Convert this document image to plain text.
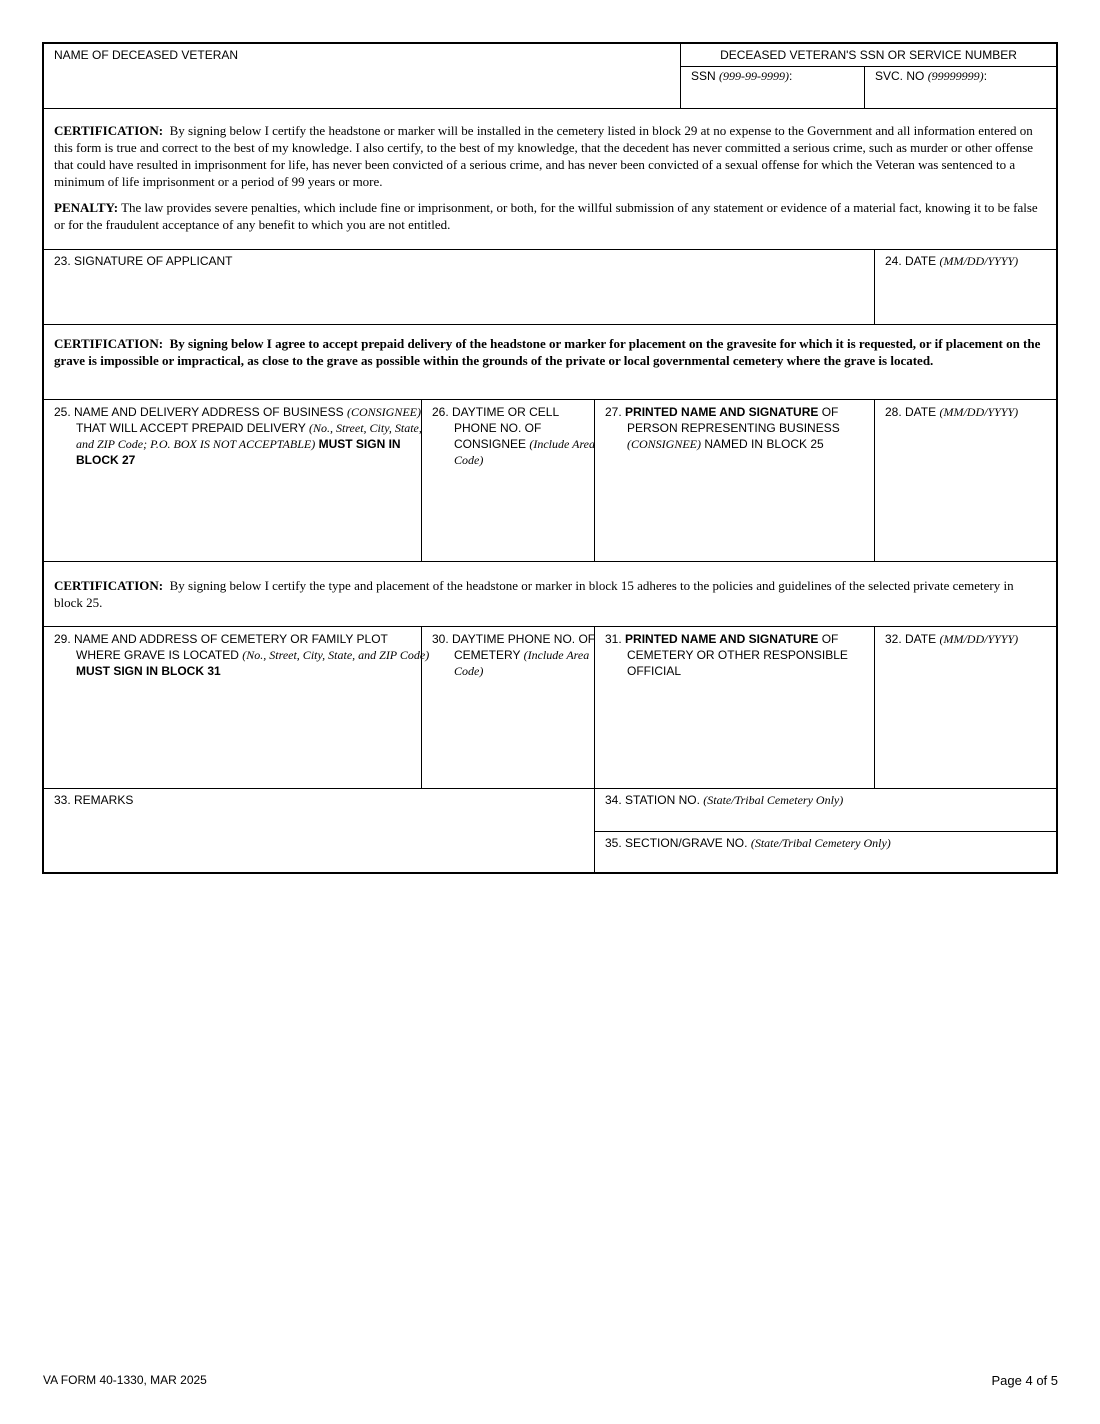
NAME OF DECEASED VETERAN	DECEASED VETERAN'S SSN OR SERVICE NUMBER
SSN (999-99-9999):	SVC. NO (99999999):
CERTIFICATION: By signing below I certify the headstone or marker will be installed in the cemetery listed in block 29 at no expense to the Government and all information entered on this form is true and correct to the best of my knowledge. I also certify, to the best of my knowledge, that the decedent has never committed a serious crime, such as murder or other offense that could have resulted in imprisonment for life, has never been convicted of a serious crime, and has never been convicted of a sexual offense for which the Veteran was sentenced to a minimum of life imprisonment or a period of 99 years or more.
PENALTY: The law provides severe penalties, which include fine or imprisonment, or both, for the willful submission of any statement or evidence of a material fact, knowing it to be false or for the fraudulent acceptance of any benefit to which you are not entitled.
23. SIGNATURE OF APPLICANT	24. DATE (MM/DD/YYYY)
CERTIFICATION: By signing below I agree to accept prepaid delivery of the headstone or marker for placement on the gravesite for which it is requested, or if placement on the grave is impossible or impractical, as close to the grave as possible within the grounds of the private or local governmental cemetery where the grave is located.
25. NAME AND DELIVERY ADDRESS OF BUSINESS (CONSIGNEE) THAT WILL ACCEPT PREPAID DELIVERY (No., Street, City, State, and ZIP Code; P.O. BOX IS NOT ACCEPTABLE) MUST SIGN IN BLOCK 27
26. DAYTIME OR CELL PHONE NO. OF CONSIGNEE (Include Area Code)
27. PRINTED NAME AND SIGNATURE OF PERSON REPRESENTING BUSINESS (CONSIGNEE) NAMED IN BLOCK 25
28. DATE (MM/DD/YYYY)
CERTIFICATION: By signing below I certify the type and placement of the headstone or marker in block 15 adheres to the policies and guidelines of the selected private cemetery in block 25.
29. NAME AND ADDRESS OF CEMETERY OR FAMILY PLOT WHERE GRAVE IS LOCATED (No., Street, City, State, and ZIP Code) MUST SIGN IN BLOCK 31
30. DAYTIME PHONE NO. OF CEMETERY (Include Area Code)
31. PRINTED NAME AND SIGNATURE OF CEMETERY OR OTHER RESPONSIBLE OFFICIAL
32. DATE (MM/DD/YYYY)
33. REMARKS	34. STATION NO. (State/Tribal Cemetery Only)
35. SECTION/GRAVE NO. (State/Tribal Cemetery Only)
VA FORM 40-1330, MAR 2025	Page 4 of 5
